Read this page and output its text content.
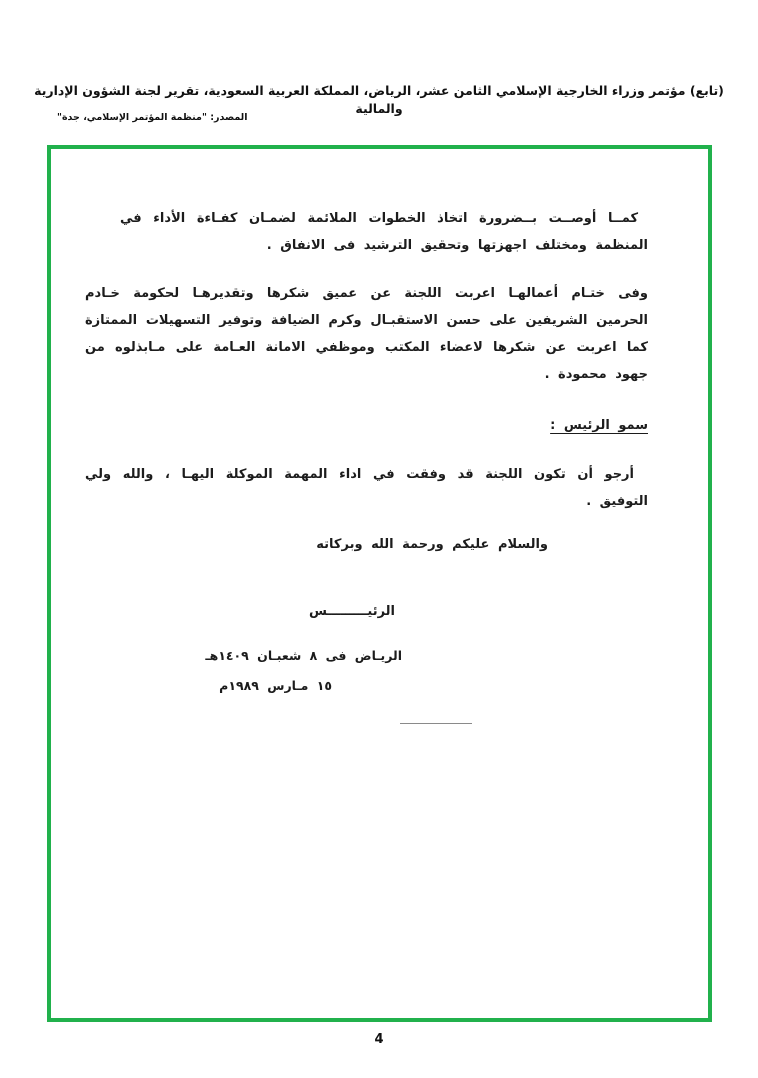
(تابع) مؤتمر وزراء الخارجية الإسلامي الثامن عشر، الرياض، المملكة العربية السعودية، تقرير لجنة الشؤون الإدارية والمالية
المصدر: "منظمة المؤتمر الإسلامي، جدة"

كمــا أوصــت بــضرورة اتخاذ الخطوات الملائمة لضمـان كفـاءة الأداء في المنظمة ومختلف اجهزتها وتحقيق الترشيد فى الانفاق .

وفى ختـام أعمالهـا اعربت اللجنة عن عميق شكرها وتقديرهـا لحكومة خـادم الحرمين الشريفين على حسن الاستقبـال وكرم الضيافة وتوفير التسهيلات الممتازة كما اعربت عن شكرها لاعضاء المكتب وموظفي الامانة العـامة على مـابذلوه من جهود محمودة .

سمو الرئيس :

أرجو أن تكون اللجنة قد وفقت في اداء المهمة الموكلة اليهـا ، والله ولي التوفيق .

والسلام عليكم ورحمة الله وبركاته
الرئيـــــــــس
الريـاض فى ٨ شعبـان ١٤٠٩هـ
١٥ مـارس ١٩٨٩م
4
